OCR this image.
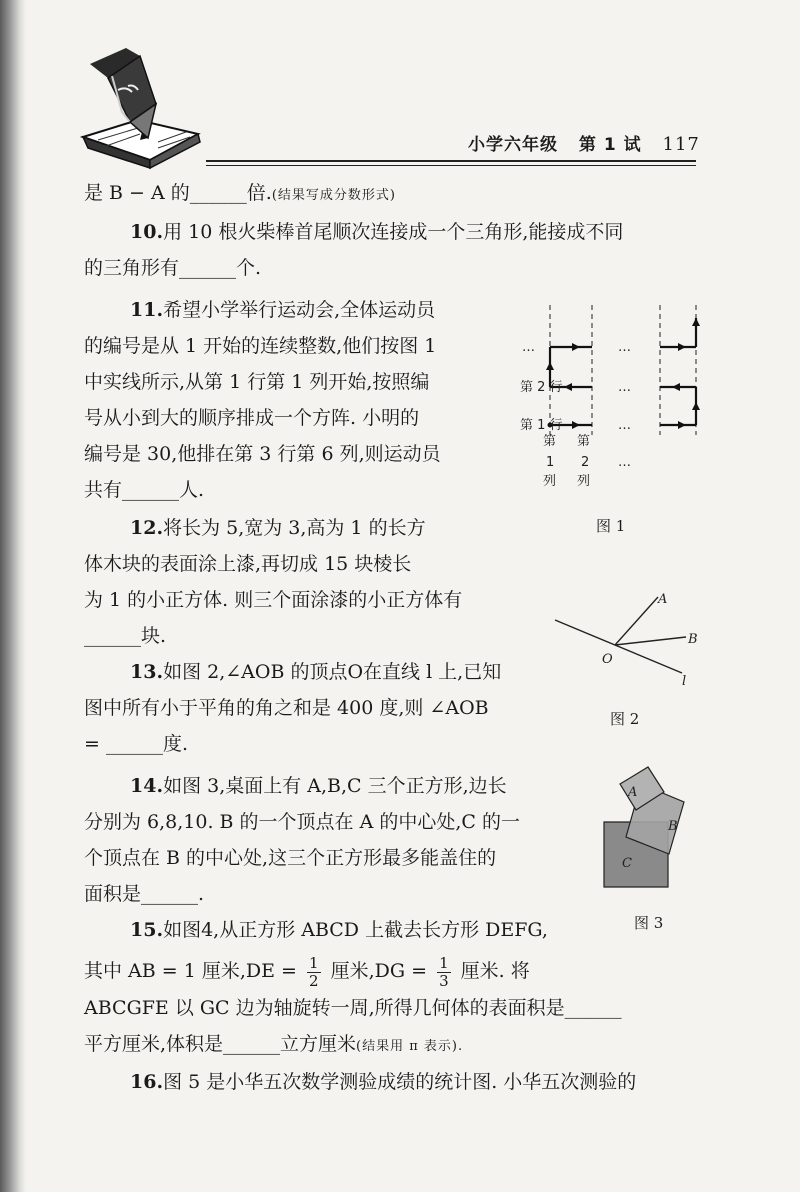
小学六年级 第 1 试 117
是 B − A 的______倍.(结果写成分数形式)
10.用 10 根火柴棒首尾顺次连接成一个三角形,能接成不同
的三角形有______个.
11.希望小学举行运动会,全体运动员
的编号是从 1 开始的连续整数,他们按图 1
中实线所示,从第 1 行第 1 列开始,按照编
号从小到大的顺序排成一个方阵. 小明的
编号是 30,他排在第 3 行第 6 列,则运动员
共有______人.
12.将长为 5,宽为 3,高为 1 的长方
体木块的表面涂上漆,再切成 15 块棱长
为 1 的小正方体. 则三个面涂漆的小正方体有
______块.
13.如图 2,∠AOB 的顶点O在直线 l 上,已知
图中所有小于平角的角之和是 400 度,则 ∠AOB
= ______度.
14.如图 3,桌面上有 A,B,C 三个正方形,边长
分别为 6,8,10. B 的一个顶点在 A 的中心处,C 的一
个顶点在 B 的中心处,这三个正方形最多能盖住的
面积是______.
15.如图4,从正方形 ABCD 上截去长方形 DEFG,
其中 AB = 1 厘米$,DE = \frac{1}{2}$ 厘米$,DG = \frac{1}{3}$ 厘米. 将
ABCGFE 以 GC 边为轴旋转一周,所得几何体的表面积是______
平方厘米,体积是______立方厘米(结果用 π 表示).
16.图 5 是小华五次数学测验成绩的统计图. 小华五次测验的
…
第 2 行
第 1 行
…
…
…
第
1
列
第
2
列
…
图 1
A
B
O
l
图 2
A
B
C
图 3
